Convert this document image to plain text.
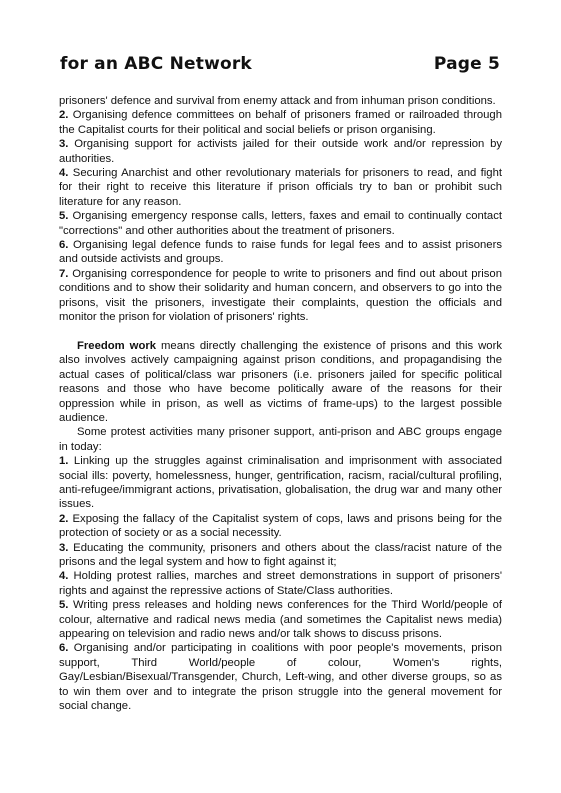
for an ABC Network	Page 5

prisoners' defence and survival from enemy attack and from inhuman prison conditions.

2. Organising defence committees on behalf of prisoners framed or railroaded through the Capitalist courts for their political and social beliefs or prison organising.

3. Organising support for activists jailed for their outside work and/or repression by authorities.

4. Securing Anarchist and other revolutionary materials for prisoners to read, and fight for their right to receive this literature if prison officials try to ban or prohibit such literature for any reason.

5. Organising emergency response calls, letters, faxes and email to continually contact "corrections" and other authorities about the treatment of prisoners.

6. Organising legal defence funds to raise funds for legal fees and to assist prisoners and outside activists and groups.

7. Organising correspondence for people to write to prisoners and find out about prison conditions and to show their solidarity and human concern, and observers to go into the prisons, visit the prisoners, investigate their complaints, question the officials and monitor the prison for violation of prisoners' rights.

Freedom work means directly challenging the existence of prisons and this work also involves actively campaigning against prison conditions, and propagandising the actual cases of political/class war prisoners (i.e. prisoners jailed for specific political reasons and those who have become politically aware of the reasons for their oppression while in prison, as well as victims of frame-ups) to the largest possible audience.

Some protest activities many prisoner support, anti-prison and ABC groups engage in today:

1. Linking up the struggles against criminalisation and imprisonment with associated social ills: poverty, homelessness, hunger, gentrification, racism, racial/cultural profiling, anti-refugee/immigrant actions, privatisation, globalisation, the drug war and many other issues.

2. Exposing the fallacy of the Capitalist system of cops, laws and prisons being for the protection of society or as a social necessity.

3. Educating the community, prisoners and others about the class/racist nature of the prisons and the legal system and how to fight against it;

4. Holding protest rallies, marches and street demonstrations in support of prisoners' rights and against the repressive actions of State/Class authorities.

5. Writing press releases and holding news conferences for the Third World/people of colour, alternative and radical news media (and sometimes the Capitalist news media) appearing on television and radio news and/or talk shows to discuss prisons.

6. Organising and/or participating in coalitions with poor people's movements, prison support, Third World/people of colour, Women's rights, Gay/Lesbian/Bisexual/Transgender, Church, Left-wing, and other diverse groups, so as to win them over and to integrate the prison struggle into the general movement for social change.
